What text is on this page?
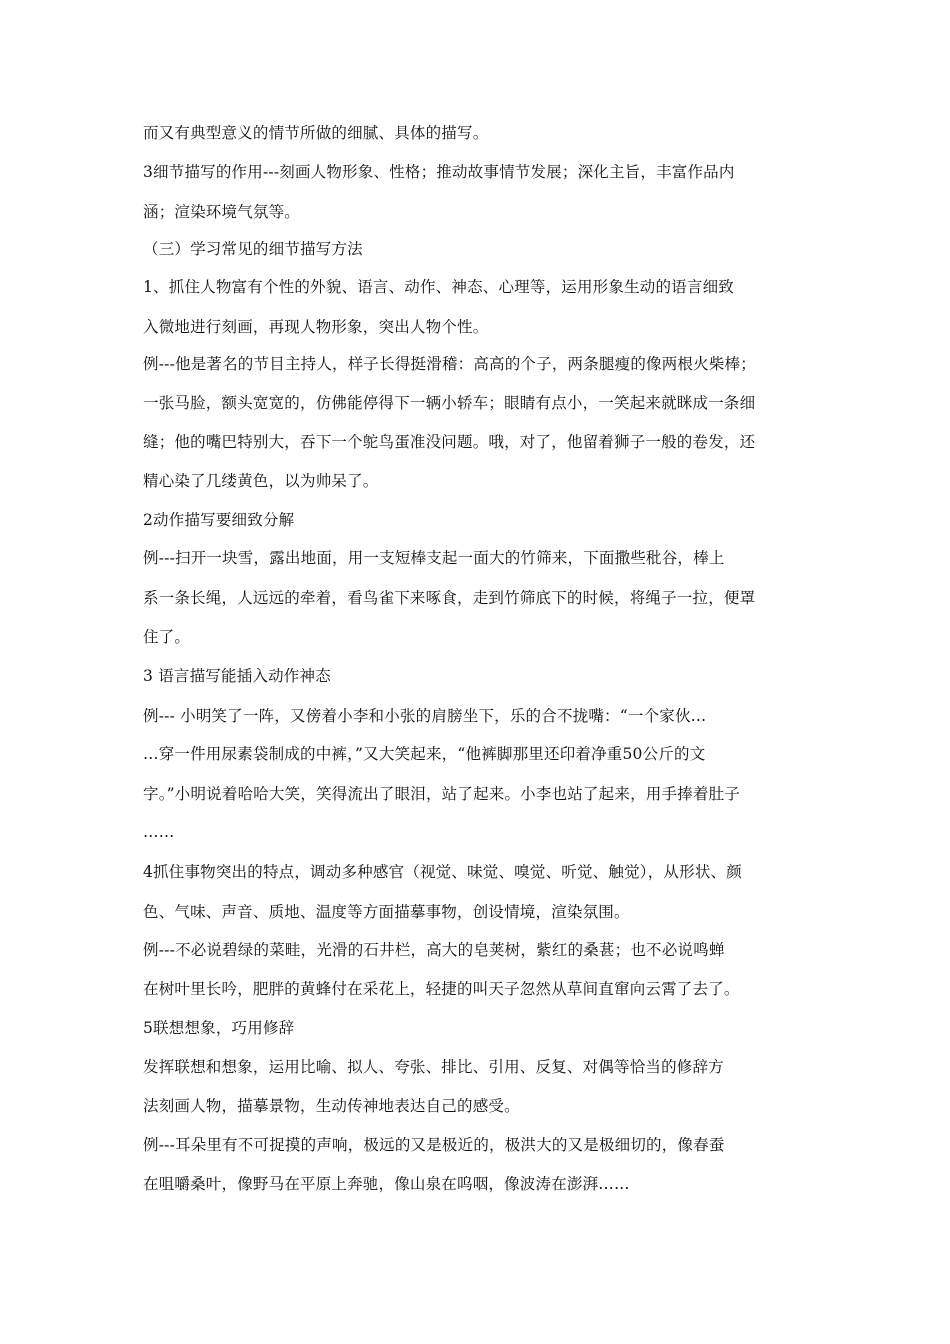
而又有典型意义的情节所做的细腻、具体的描写。
3细节描写的作用---刻画人物形象、性格；推动故事情节发展；深化主旨，丰富作品内
涵；渲染环境气氛等。
（三）学习常见的细节描写方法
1、抓住人物富有个性的外貌、语言、动作、神态、心理等，运用形象生动的语言细致
入微地进行刻画，再现人物形象，突出人物个性。
例---他是著名的节目主持人，样子长得挺滑稽：高高的个子，两条腿瘦的像两根火柴棒；
一张马脸，额头宽宽的，仿佛能停得下一辆小轿车；眼睛有点小，一笑起来就眯成一条细
缝；他的嘴巴特别大，吞下一个鸵鸟蛋准没问题。哦，对了，他留着狮子一般的卷发，还
精心染了几缕黄色，以为帅呆了。
2动作描写要细致分解
例---扫开一块雪，露出地面，用一支短棒支起一面大的竹筛来，下面撒些秕谷，棒上
系一条长绳，人远远的牵着，看鸟雀下来啄食，走到竹筛底下的时候，将绳子一拉，便罩
住了。
3 语言描写能插入动作神态
例--- 小明笑了一阵，又傍着小李和小张的肩膀坐下，乐的合不拢嘴：“一个家伙…
…穿一件用尿素袋制成的中裤，”又大笑起来，“他裤脚那里还印着净重50公斤的文
字。”小明说着哈哈大笑，笑得流出了眼泪，站了起来。小李也站了起来，用手捧着肚子
……
4抓住事物突出的特点，调动多种感官（视觉、味觉、嗅觉、听觉、触觉），从形状、颜
色、气味、声音、质地、温度等方面描摹事物，创设情境，渲染氛围。
例---不必说碧绿的菜畦，光滑的石井栏，高大的皂荚树，紫红的桑葚；也不必说鸣蝉
在树叶里长吟，肥胖的黄蜂付在采花上，轻捷的叫天子忽然从草间直窜向云霄了去了。
5联想想象，巧用修辞
发挥联想和想象，运用比喻、拟人、夸张、排比、引用、反复、对偶等恰当的修辞方
法刻画人物，描摹景物，生动传神地表达自己的感受。
例---耳朵里有不可捉摸的声响，极远的又是极近的，极洪大的又是极细切的，像春蚕
在咀嚼桑叶，像野马在平原上奔驰，像山泉在呜咽，像波涛在澎湃……
